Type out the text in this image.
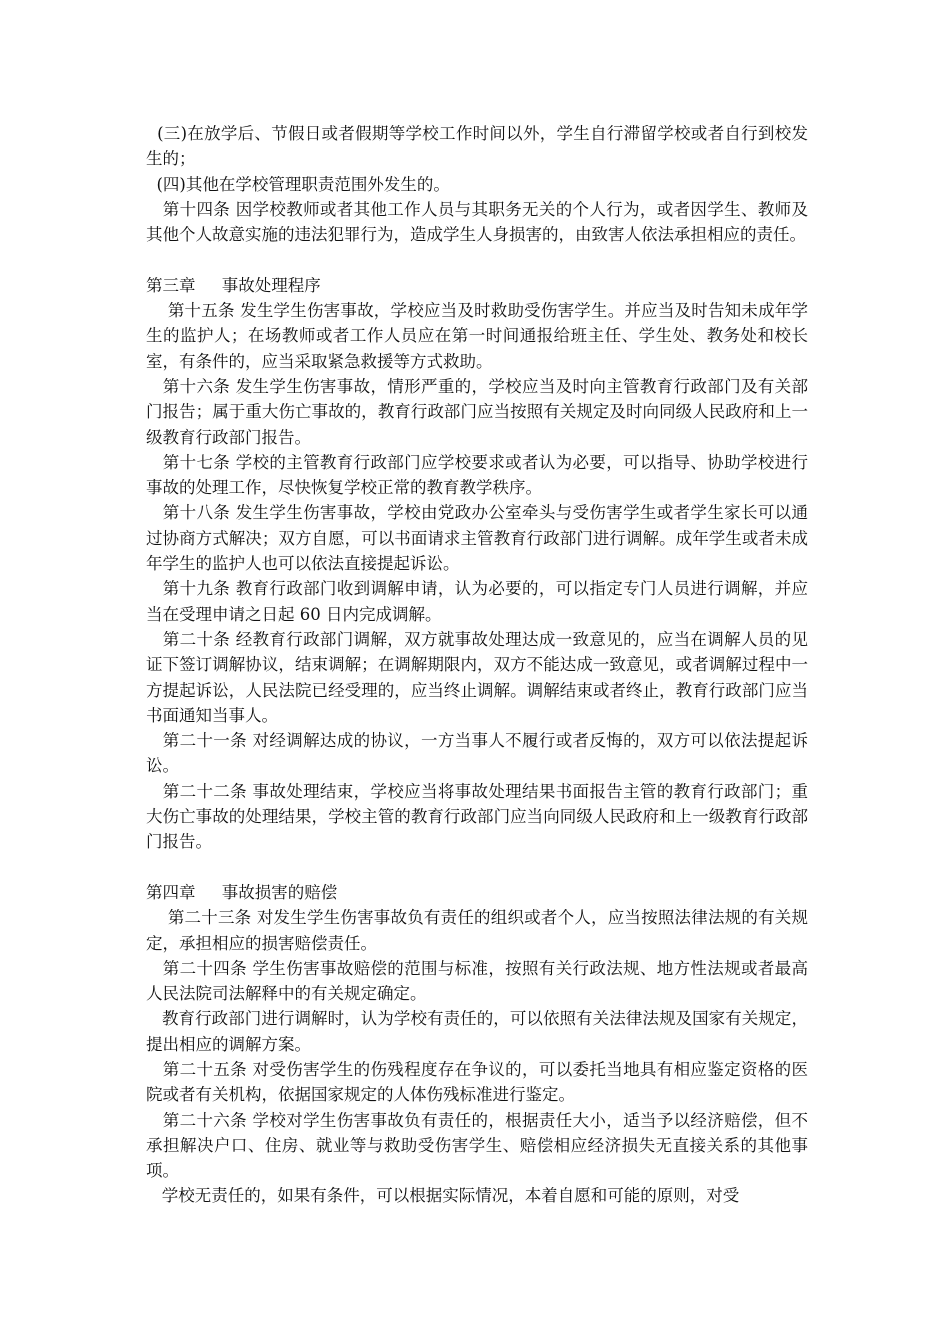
(三)在放学后、节假日或者假期等学校工作时间以外，学生自行滞留学校或者自行到校发生的；

(四)其他在学校管理职责范围外发生的。

第十四条 因学校教师或者其他工作人员与其职务无关的个人行为，或者因学生、教师及其他个人故意实施的违法犯罪行为，造成学生人身损害的，由致害人依法承担相应的责任。

第三章     事故处理程序

第十五条 发生学生伤害事故，学校应当及时救助受伤害学生。并应当及时告知未成年学生的监护人；在场教师或者工作人员应在第一时间通报给班主任、学生处、教务处和校长室，有条件的，应当采取紧急救援等方式救助。

第十六条 发生学生伤害事故，情形严重的，学校应当及时向主管教育行政部门及有关部门报告；属于重大伤亡事故的，教育行政部门应当按照有关规定及时向同级人民政府和上一级教育行政部门报告。

第十七条 学校的主管教育行政部门应学校要求或者认为必要，可以指导、协助学校进行事故的处理工作，尽快恢复学校正常的教育教学秩序。

第十八条 发生学生伤害事故，学校由党政办公室牵头与受伤害学生或者学生家长可以通过协商方式解决；双方自愿，可以书面请求主管教育行政部门进行调解。成年学生或者未成年学生的监护人也可以依法直接提起诉讼。

第十九条 教育行政部门收到调解申请，认为必要的，可以指定专门人员进行调解，并应当在受理申请之日起 60 日内完成调解。

第二十条 经教育行政部门调解，双方就事故处理达成一致意见的，应当在调解人员的见证下签订调解协议，结束调解；在调解期限内，双方不能达成一致意见，或者调解过程中一方提起诉讼，人民法院已经受理的，应当终止调解。调解结束或者终止，教育行政部门应当书面通知当事人。

第二十一条 对经调解达成的协议，一方当事人不履行或者反悔的，双方可以依法提起诉讼。

第二十二条 事故处理结束，学校应当将事故处理结果书面报告主管的教育行政部门；重大伤亡事故的处理结果，学校主管的教育行政部门应当向同级人民政府和上一级教育行政部门报告。

第四章     事故损害的赔偿

第二十三条 对发生学生伤害事故负有责任的组织或者个人，应当按照法律法规的有关规定，承担相应的损害赔偿责任。

第二十四条 学生伤害事故赔偿的范围与标准，按照有关行政法规、地方性法规或者最高人民法院司法解释中的有关规定确定。

教育行政部门进行调解时，认为学校有责任的，可以依照有关法律法规及国家有关规定，提出相应的调解方案。

第二十五条 对受伤害学生的伤残程度存在争议的，可以委托当地具有相应鉴定资格的医院或者有关机构，依据国家规定的人体伤残标准进行鉴定。

第二十六条 学校对学生伤害事故负有责任的，根据责任大小，适当予以经济赔偿，但不承担解决户口、住房、就业等与救助受伤害学生、赔偿相应经济损失无直接关系的其他事项。

学校无责任的，如果有条件，可以根据实际情况，本着自愿和可能的原则，对受
